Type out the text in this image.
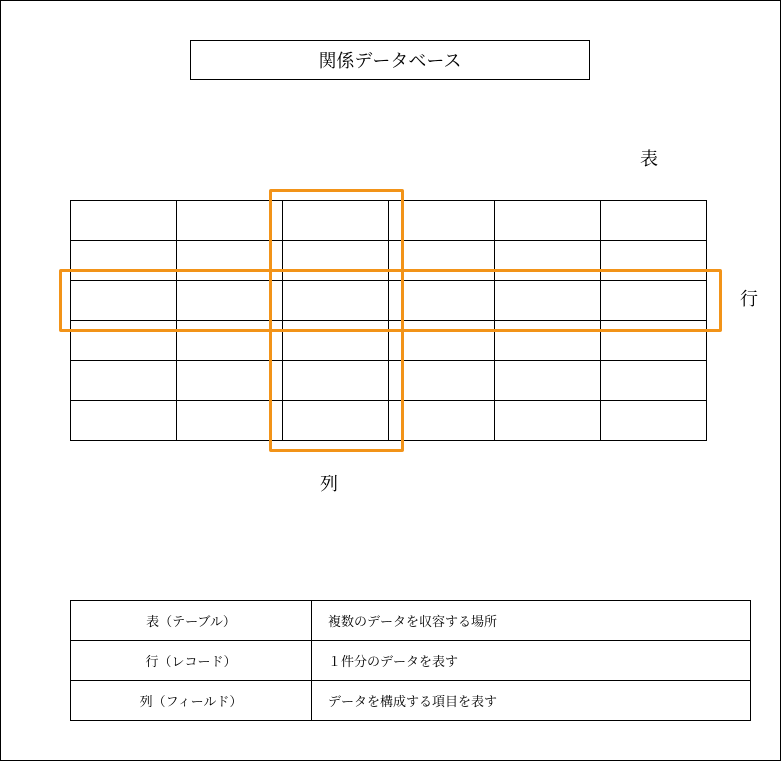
関係データベース
表
行
列

表（テーブル）	複数のデータを収容する場所
行（レコード）	１件分のデータを表す
列（フィールド）	データを構成する項目を表す
